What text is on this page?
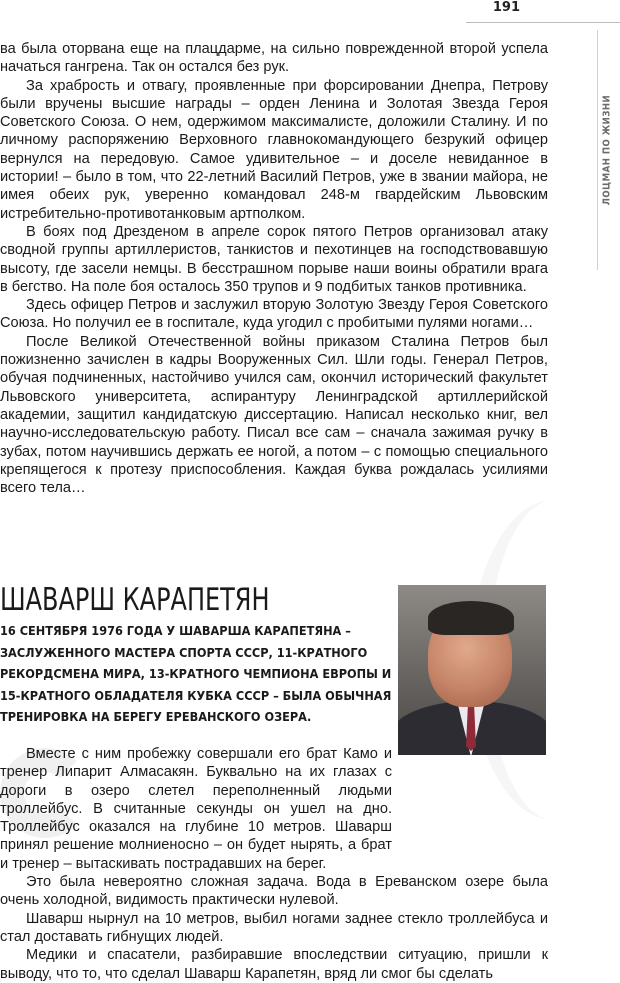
191
ЛОЦМАН ПО ЖИЗНИ

ва была оторвана еще на плацдарме, на сильно поврежденной второй успела начаться гангрена. Так он остался без рук.

За храбрость и отвагу, проявленные при форсировании Днепра, Петрову были вручены высшие награды – орден Ленина и Золотая Звезда Героя Советского Союза. О нем, одержимом максималисте, доложили Сталину. И по личному распоряжению Верховного главнокомандующего безрукий офицер вернулся на передовую. Самое удивительное – и доселе невиданное в истории! – было в том, что 22-летний Василий Петров, уже в звании майора, не имея обеих рук, уверенно командовал 248-м гвардейским Львовским истребительно-противотанковым артполком.

В боях под Дрезденом в апреле сорок пятого Петров организовал атаку сводной группы артиллеристов, танкистов и пехотинцев на господствовавшую высоту, где засели немцы. В бесстрашном порыве наши воины обратили врага в бегство. На поле боя осталось 350 трупов и 9 подбитых танков противника.

Здесь офицер Петров и заслужил вторую Золотую Звезду Героя Советского Союза. Но получил ее в госпитале, куда угодил с пробитыми пулями ногами…

После Великой Отечественной войны приказом Сталина Петров был пожизненно зачислен в кадры Вооруженных Сил. Шли годы. Генерал Петров, обучая подчиненных, настойчиво учился сам, окончил исторический факультет Львовского университета, аспирантуру Ленинградской артиллерийской академии, защитил кандидатскую диссертацию. Написал несколько книг, вел научно-исследовательскую работу. Писал все сам – сначала зажимая ручку в зубах, потом научившись держать ее ногой, а потом – с помощью специального крепящегося к протезу приспособления. Каждая буква рождалась усилиями всего тела…

ШАВАРШ КАРАПЕТЯН
16 СЕНТЯБРЯ 1976 ГОДА У ШАВАРША КАРАПЕТЯНА – ЗАСЛУЖЕННОГО МАСТЕРА СПОРТА СССР, 11-КРАТНОГО РЕКОРДСМЕНА МИРА, 13-КРАТНОГО ЧЕМПИОНА ЕВРОПЫ И 15-КРАТНОГО ОБЛАДАТЕЛЯ КУБКА СССР – БЫЛА ОБЫЧНАЯ ТРЕНИРОВКА НА БЕРЕГУ ЕРЕВАНСКОГО ОЗЕРА.

Вместе с ним пробежку совершали его брат Камо и тренер Липарит Алмасакян. Буквально на их глазах с дороги в озеро слетел переполненный людьми троллейбус. В считанные секунды он ушел на дно. Троллейбус оказался на глубине 10 метров. Шаварш принял решение молниеносно – он будет нырять, а брат и тренер – вытаскивать пострадавших на берег.

Это была невероятно сложная задача. Вода в Ереванском озере была очень холодной, видимость практически нулевой.

Шаварш нырнул на 10 метров, выбил ногами заднее стекло троллейбуса и стал доставать гибнущих людей.

Медики и спасатели, разбиравшие впоследствии ситуацию, пришли к выводу, что то, что сделал Шаварш Карапетян, вряд ли смог бы сделать
